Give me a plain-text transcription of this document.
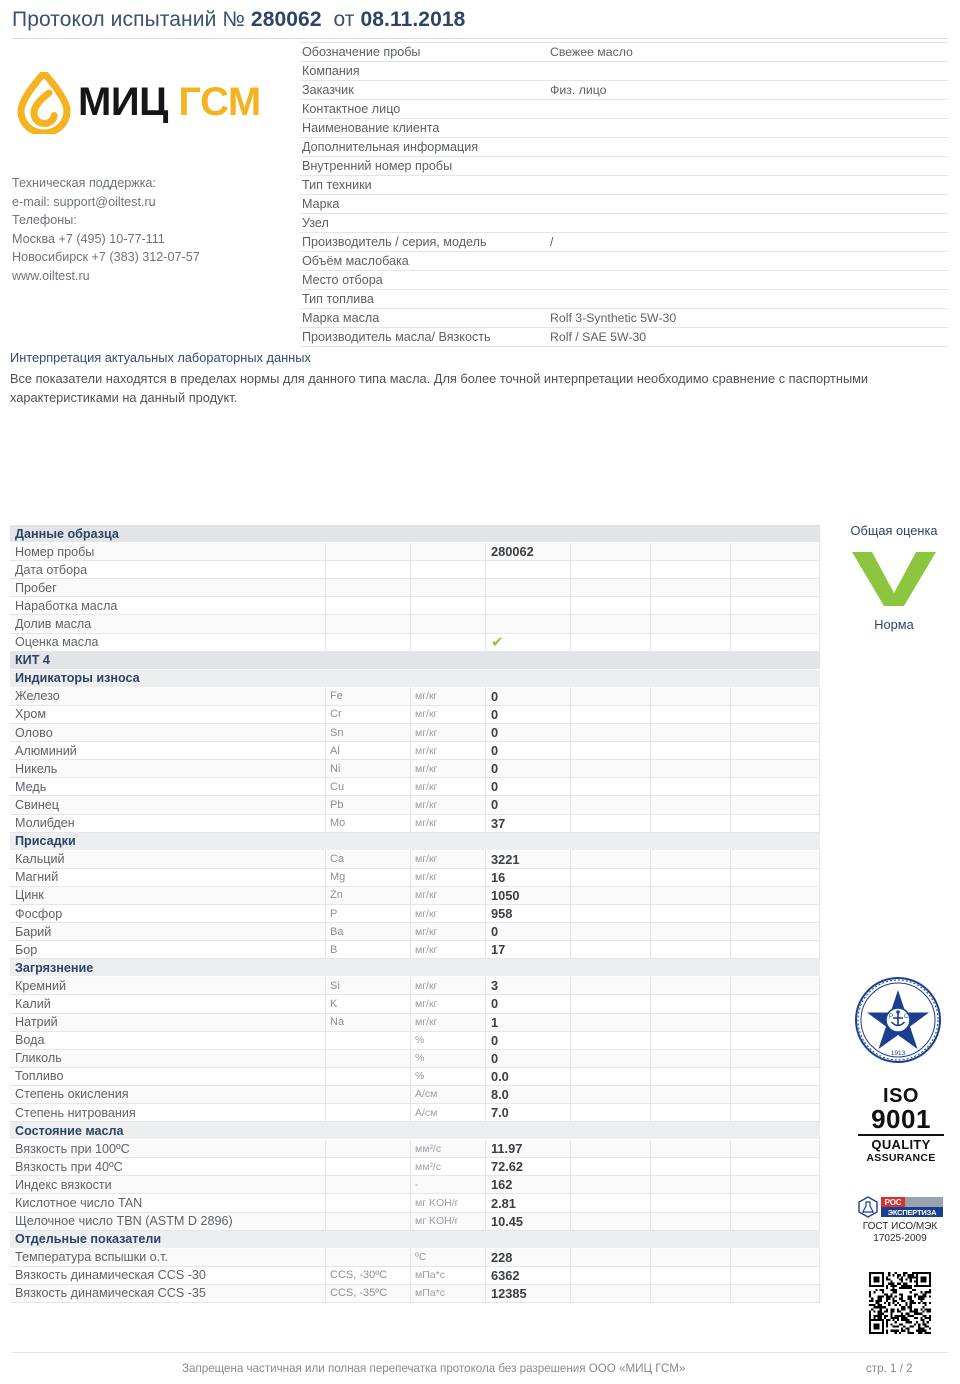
Протокол испытаний № 280062 от 08.11.2018
МИЦ ГСМ
Техническая поддержка:
e-mail: support@oiltest.ru
Телефоны:
Москва +7 (495) 10-77-111
Новосибирск +7 (383) 312-07-57
www.oiltest.ru
Обозначение пробы	Свежее масло
Компания
Заказчик	Физ. лицо
Контактное лицо
Наименование клиента
Дополнительная информация
Внутренний номер пробы
Тип техники
Марка
Узел
Производитель / серия, модель	/
Объём маслобака
Место отбора
Тип топлива
Марка масла	Rolf 3-Synthetic 5W-30
Производитель масла/ Вязкость	Rolf / SAE 5W-30
Интерпретация актуальных лабораторных данных

Все показатели находятся в пределах нормы для данного типа масла. Для более точной интерпретации необходимо сравнение с паспортными характеристиками на данный продукт.

Данные образца
Номер пробы	280062
Дата отбора
Пробег
Наработка масла
Долив масла
Оценка масла	✔
КИТ 4
Индикаторы износа
Железо	Fe	мг/кг	0
Хром	Cr	мг/кг	0
Олово	Sn	мг/кг	0
Алюминий	Al	мг/кг	0
Никель	Ni	мг/кг	0
Медь	Cu	мг/кг	0
Свинец	Pb	мг/кг	0
Молибден	Mo	мг/кг	37
Присадки
Кальций	Ca	мг/кг	3221
Магний	Mg	мг/кг	16
Цинк	Zn	мг/кг	1050
Фосфор	P	мг/кг	958
Барий	Ba	мг/кг	0
Бор	B	мг/кг	17
Загрязнение
Кремний	Si	мг/кг	3
Калий	K	мг/кг	0
Натрий	Na	мг/кг	1
Вода	%	0
Гликоль	%	0
Топливо	%	0.0
Степень окисления	A/см	8.0
Степень нитрования	A/см	7.0
Состояние масла
Вязкость при 100ºC	мм²/с	11.97
Вязкость при 40ºC	мм²/с	72.62
Индекс вязкости	-	162
Кислотное число TAN	мг KOH/г	2.81
Щелочное число TBN (ASTM D 2896)	мг KOH/г	10.45
Отдельные показатели
Температура вспышки о.т.	ºC	228
Вязкость динамическая CCS -30	CCS, -30ºC	мПа*с	6362
Вязкость динамическая CCS -35	CCS, -35ºC	мПа*с	12385
Общая оценка
Норма
Р С
1913
ISO
9001
QUALITY
ASSURANCE
РОС
ЭКСПЕРТИЗА
ГОСТ ИСО/МЭК
17025-2009
Запрещена частичная или полная перепечатка протокола без разрешения ООО «МИЦ ГСМ»	стр. 1 / 2
